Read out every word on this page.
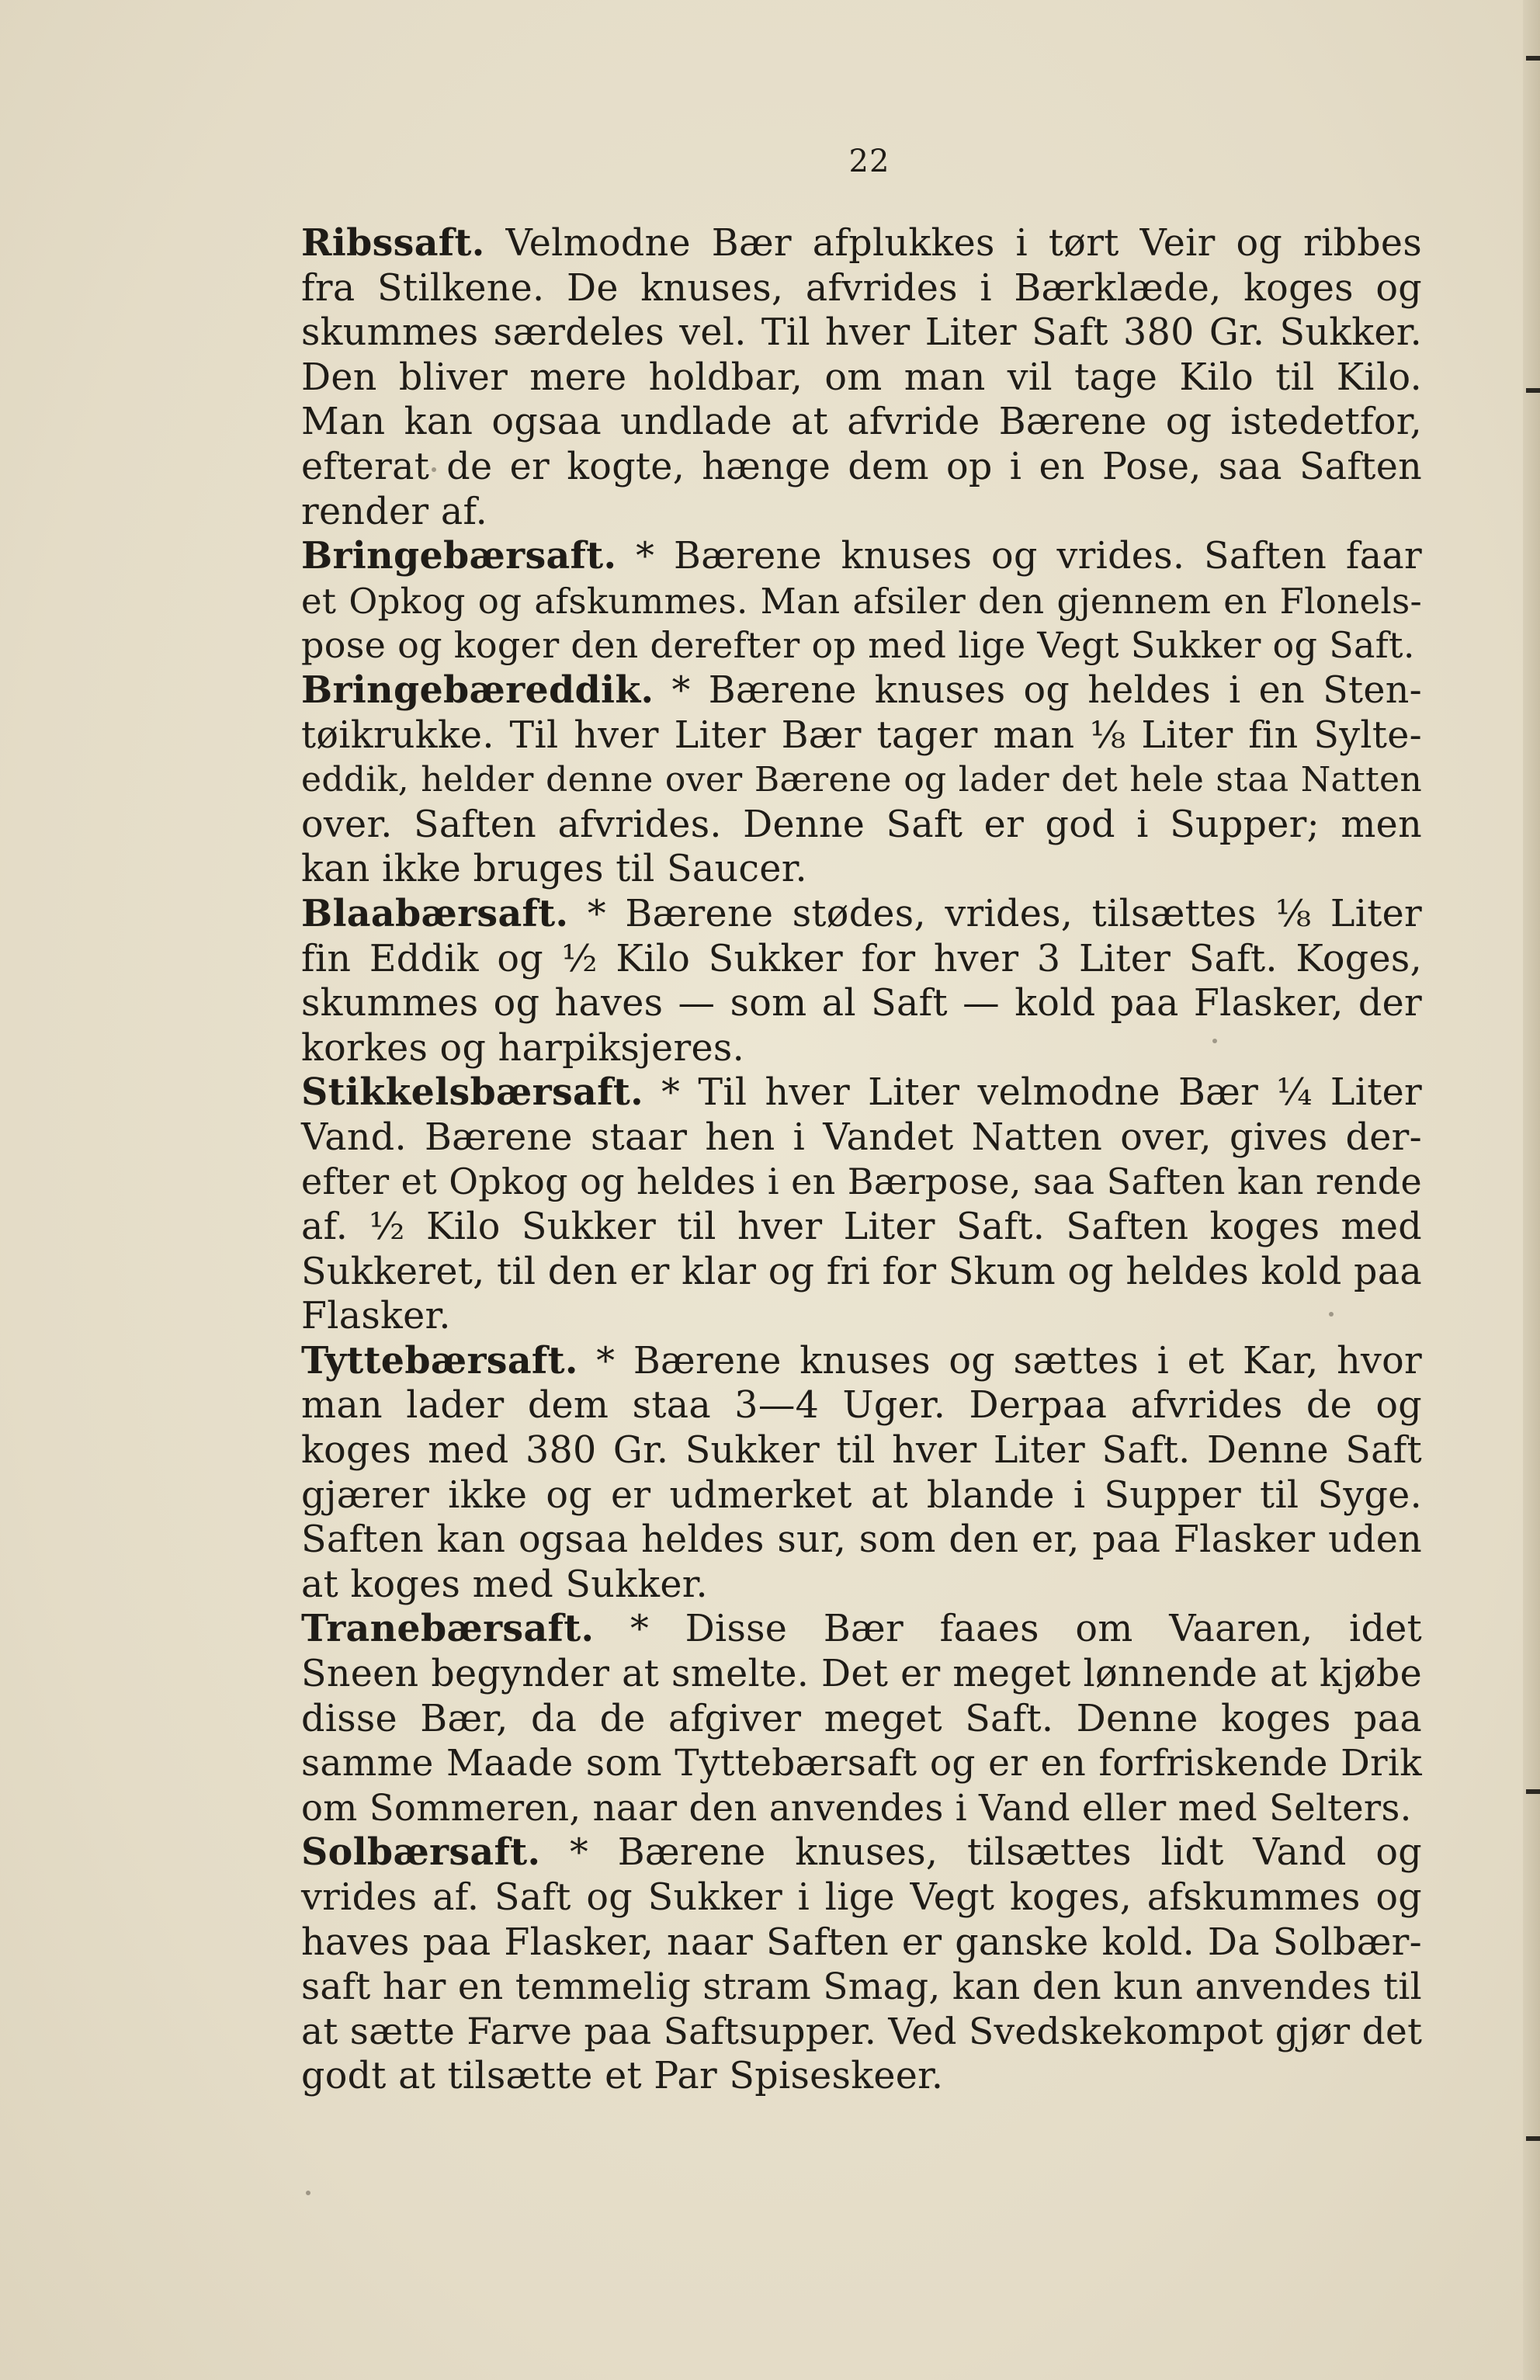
22
Ribssaft. Velmodne Bær afplukkes i tørt Veir og ribbes
fra Stilkene. De knuses, afvrides i Bærklæde, koges og
skummes særdeles vel. Til hver Liter Saft 380 Gr. Sukker.
Den bliver mere holdbar, om man vil tage Kilo til Kilo.
Man kan ogsaa undlade at afvride Bærene og istedetfor,
efterat de er kogte, hænge dem op i en Pose, saa Saften
render af.
Bringebærsaft. * Bærene knuses og vrides. Saften faar
et Opkog og afskummes. Man afsiler den gjennem en Flonels-
pose og koger den derefter op med lige Vegt Sukker og Saft.
Bringebæreddik. * Bærene knuses og heldes i en Sten-
tøikrukke. Til hver Liter Bær tager man ⅛ Liter fin Sylte-
eddik, helder denne over Bærene og lader det hele staa Natten
over. Saften afvrides. Denne Saft er god i Supper; men
kan ikke bruges til Saucer.
Blaabærsaft. * Bærene stødes, vrides, tilsættes ⅛ Liter
fin Eddik og ½ Kilo Sukker for hver 3 Liter Saft. Koges,
skummes og haves — som al Saft — kold paa Flasker, der
korkes og harpiksjeres.
Stikkelsbærsaft. * Til hver Liter velmodne Bær ¼ Liter
Vand. Bærene staar hen i Vandet Natten over, gives der-
efter et Opkog og heldes i en Bærpose, saa Saften kan rende
af. ½ Kilo Sukker til hver Liter Saft. Saften koges med
Sukkeret, til den er klar og fri for Skum og heldes kold paa
Flasker.
Tyttebærsaft. * Bærene knuses og sættes i et Kar, hvor
man lader dem staa 3—4 Uger. Derpaa afvrides de og
koges med 380 Gr. Sukker til hver Liter Saft. Denne Saft
gjærer ikke og er udmerket at blande i Supper til Syge.
Saften kan ogsaa heldes sur, som den er, paa Flasker uden
at koges med Sukker.
Tranebærsaft. * Disse Bær faaes om Vaaren, idet
Sneen begynder at smelte. Det er meget lønnende at kjøbe
disse Bær, da de afgiver meget Saft. Denne koges paa
samme Maade som Tyttebærsaft og er en forfriskende Drik
om Sommeren, naar den anvendes i Vand eller med Selters.
Solbærsaft. * Bærene knuses, tilsættes lidt Vand og
vrides af. Saft og Sukker i lige Vegt koges, afskummes og
haves paa Flasker, naar Saften er ganske kold. Da Solbær-
saft har en temmelig stram Smag, kan den kun anvendes til
at sætte Farve paa Saftsupper. Ved Svedskekompot gjør det
godt at tilsætte et Par Spiseskeer.
